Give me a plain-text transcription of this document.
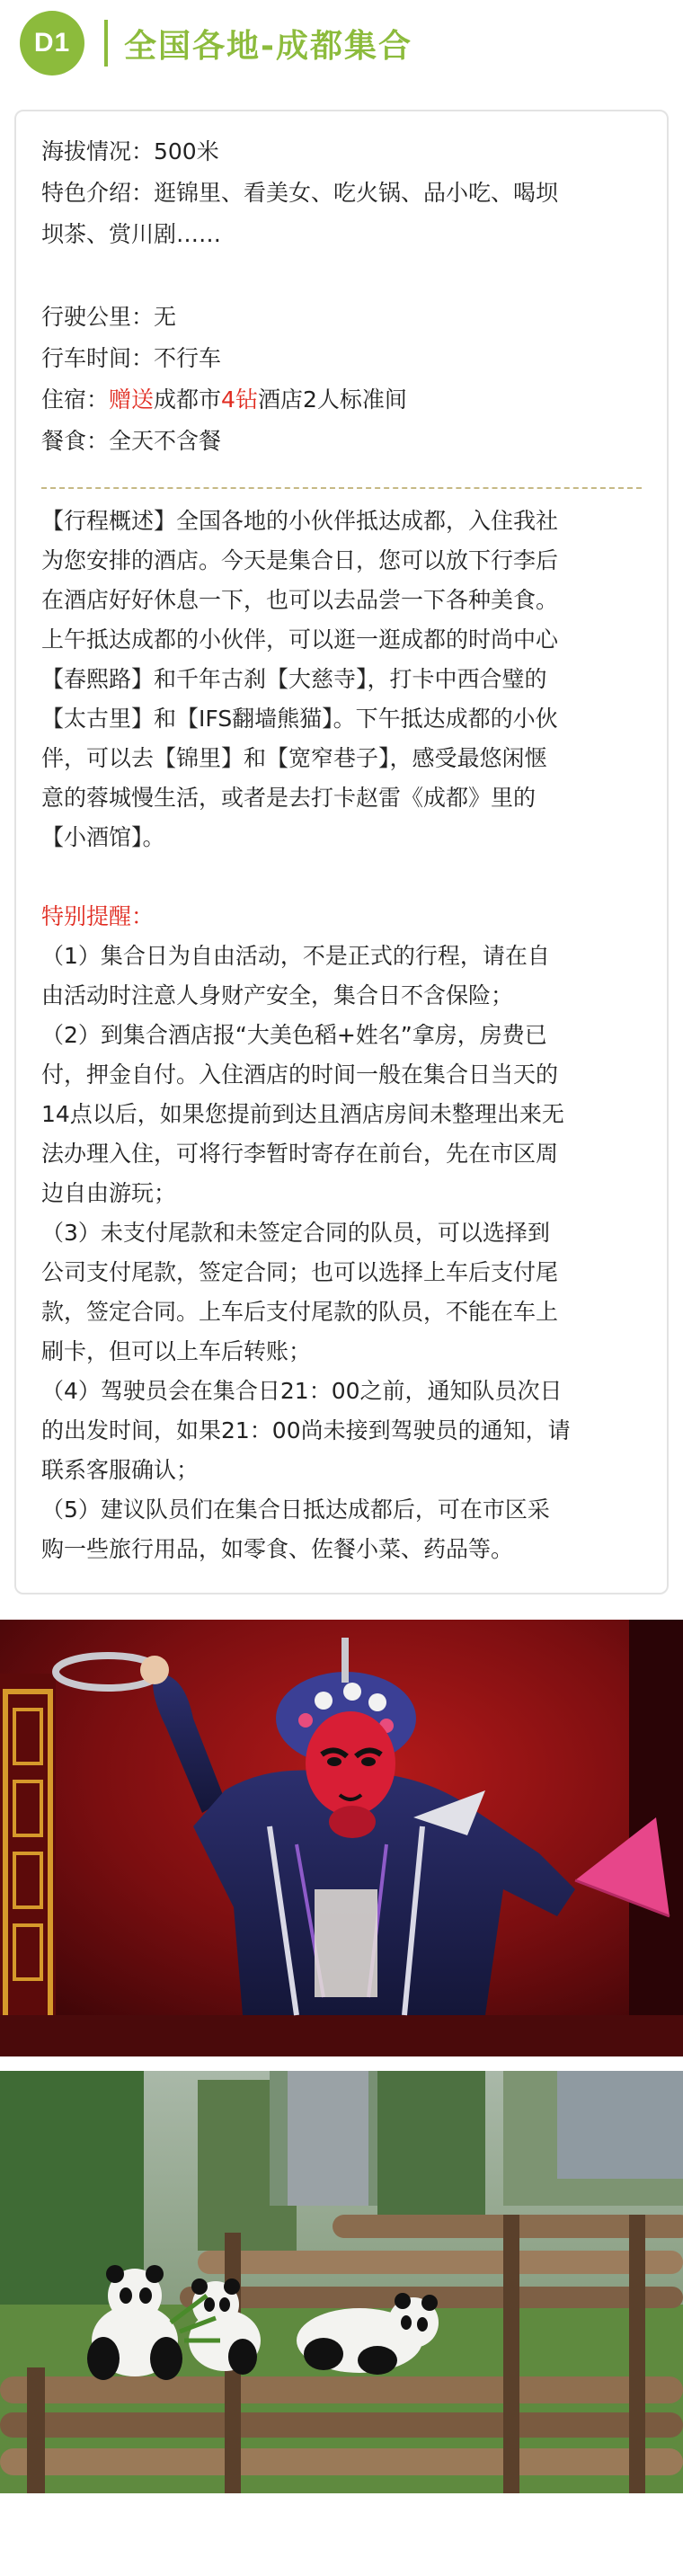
D1	全国各地-成都集合
海拔情况：500米
特色介绍：逛锦里、看美女、吃火锅、品小吃、喝坝
坝茶、赏川剧……
行驶公里：无
行车时间：不行车
住宿：赠送成都市4钻酒店2人标准间
餐食：全天不含餐
【行程概述】全国各地的小伙伴抵达成都，入住我社
为您安排的酒店。今天是集合日，您可以放下行李后
在酒店好好休息一下，也可以去品尝一下各种美食。
上午抵达成都的小伙伴，可以逛一逛成都的时尚中心
【春熙路】和千年古刹【大慈寺】，打卡中西合璧的
【太古里】和【IFS翻墙熊猫】。下午抵达成都的小伙
伴，可以去【锦里】和【宽窄巷子】，感受最悠闲惬
意的蓉城慢生活，或者是去打卡赵雷《成都》里的
【小酒馆】。
特别提醒：
（1）集合日为自由活动，不是正式的行程，请在自
由活动时注意人身财产安全，集合日不含保险；
（2）到集合酒店报“大美色稻+姓名”拿房，房费已
付，押金自付。入住酒店的时间一般在集合日当天的
14点以后，如果您提前到达且酒店房间未整理出来无
法办理入住，可将行李暂时寄存在前台，先在市区周
边自由游玩；
（3）未支付尾款和未签定合同的队员，可以选择到
公司支付尾款，签定合同；也可以选择上车后支付尾
款，签定合同。上车后支付尾款的队员，不能在车上
刷卡，但可以上车后转账；
（4）驾驶员会在集合日21：00之前，通知队员次日
的出发时间，如果21：00尚未接到驾驶员的通知，请
联系客服确认；
（5）建议队员们在集合日抵达成都后，可在市区采
购一些旅行用品，如零食、佐餐小菜、药品等。
